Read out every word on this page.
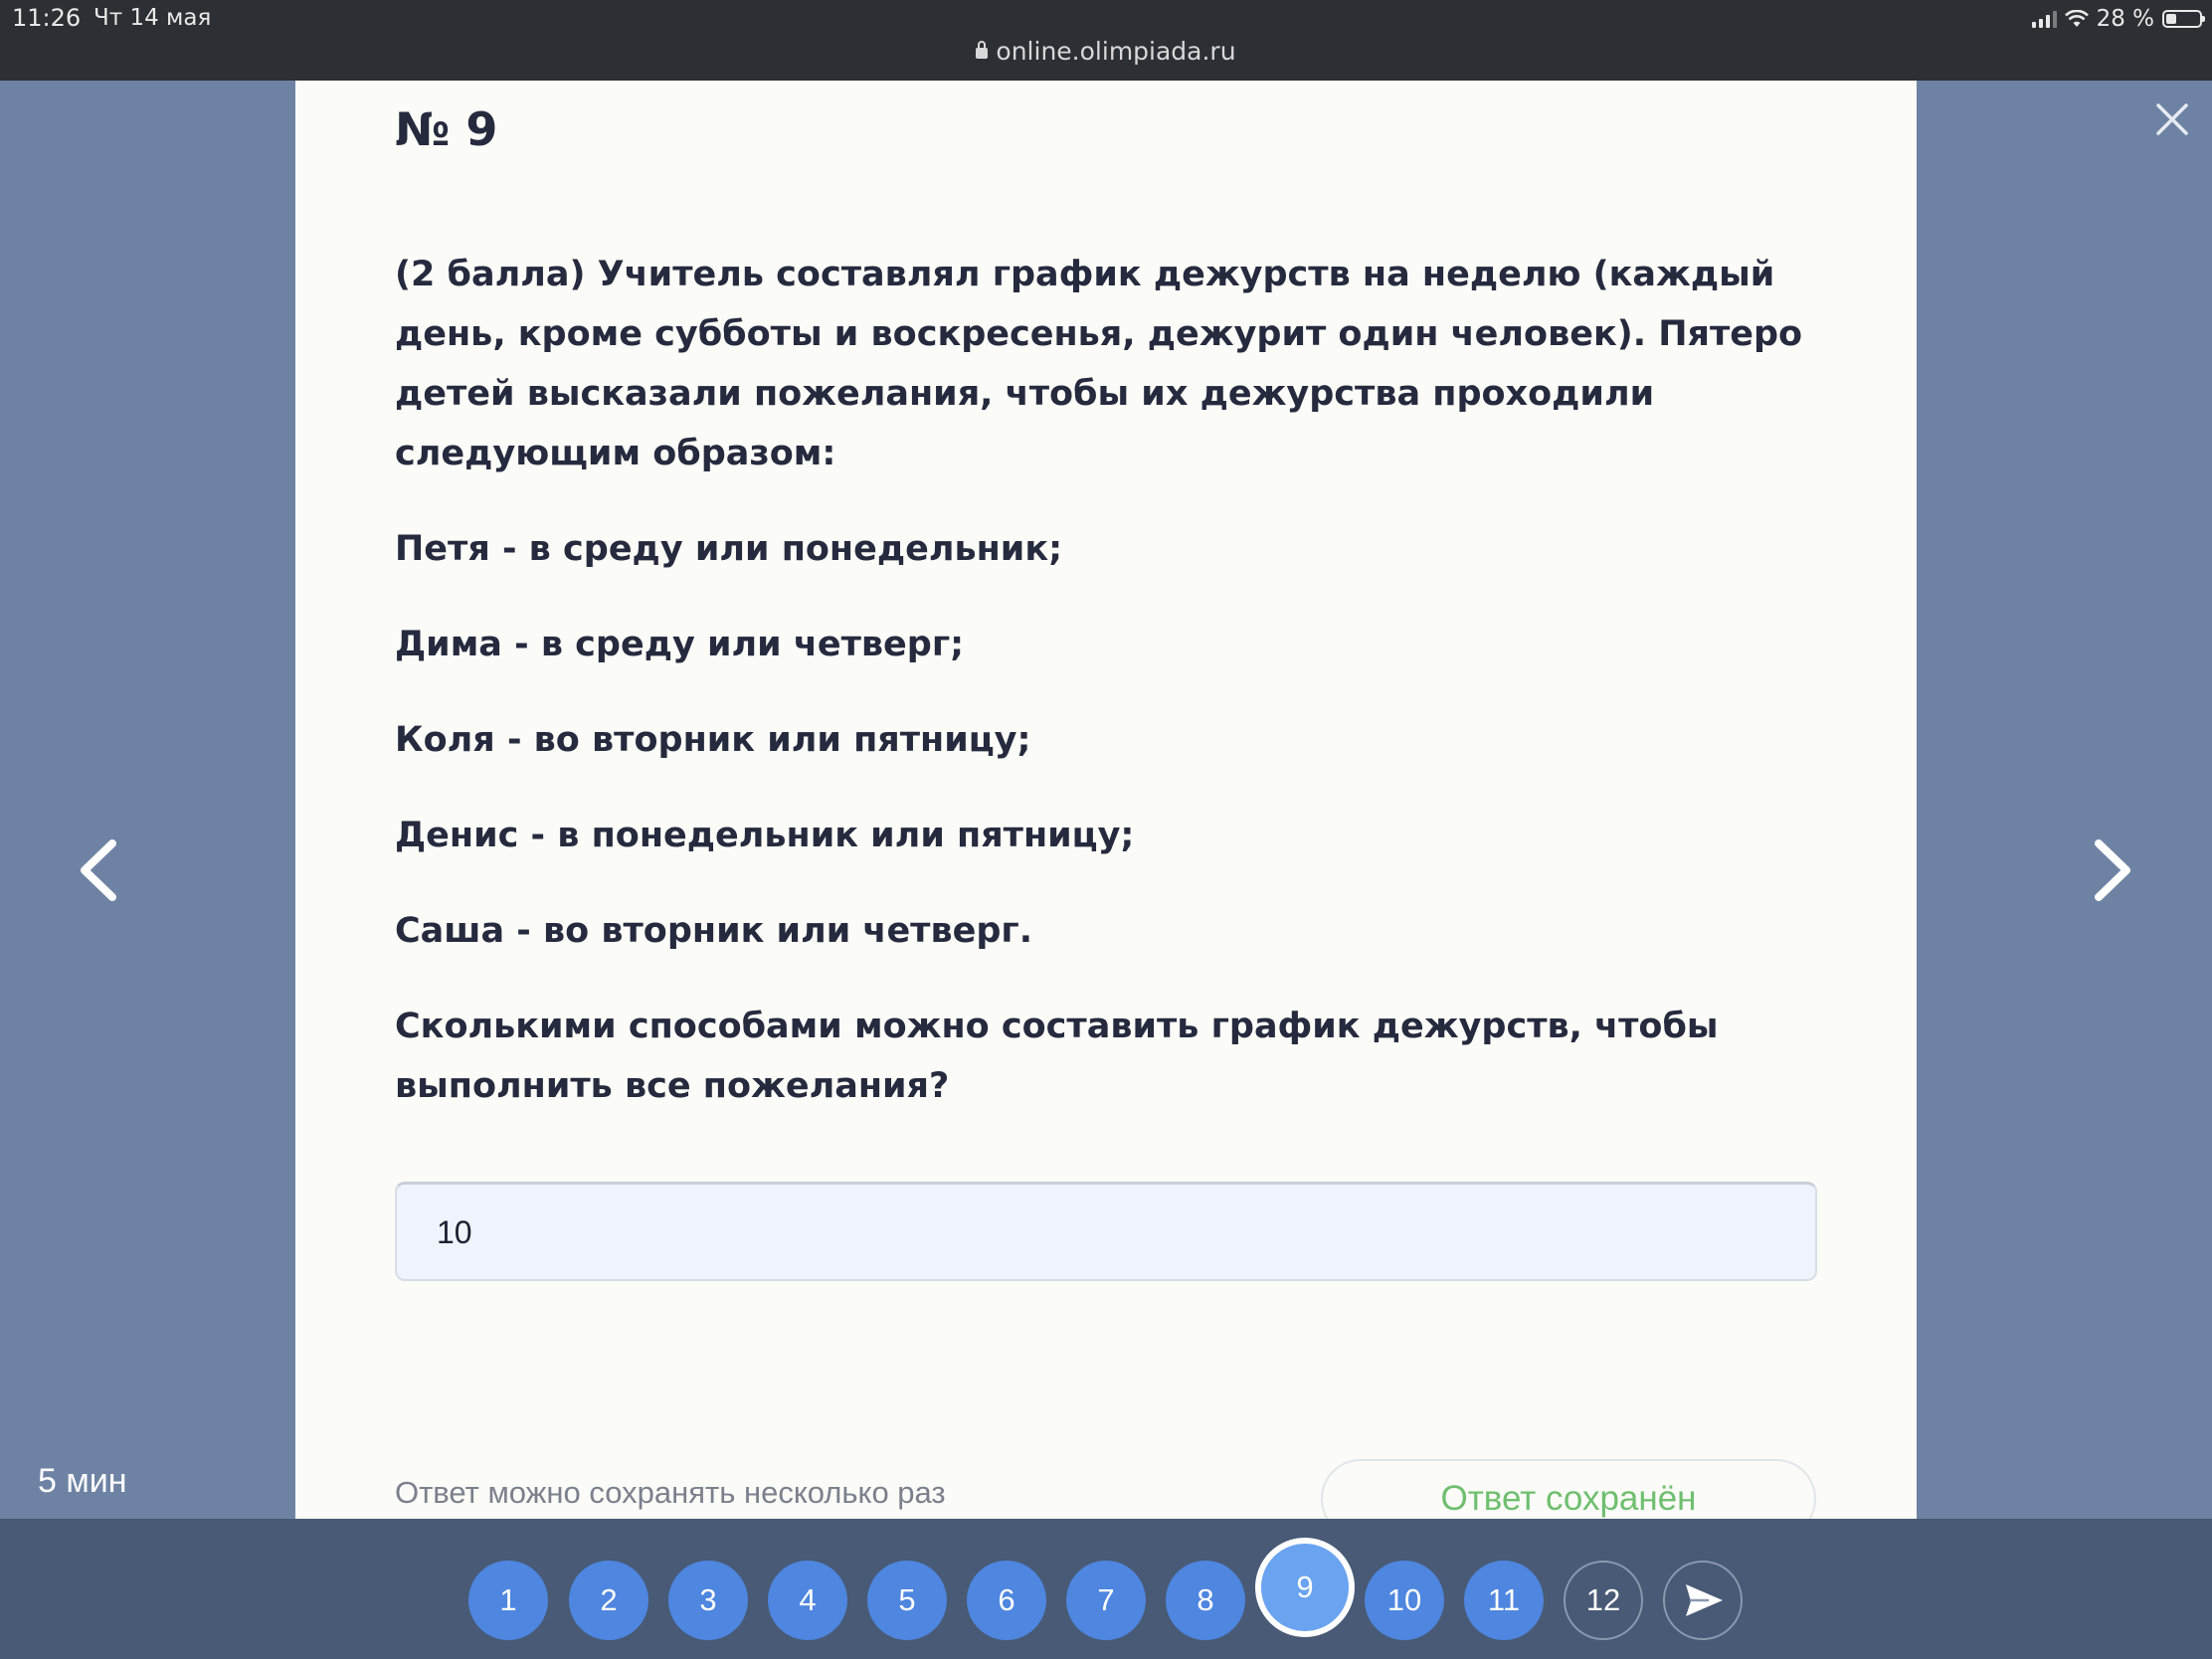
11:26 Чт 14 мая
online.olimpiada.ru
28 %
5 мин
№ 9

(2 балла) Учитель составлял график дежурств на неделю (каждый день, кроме субботы и воскресенья, дежурит один человек). Пятеро детей высказали пожелания, чтобы их дежурства проходили следующим образом:

Петя - в среду или понедельник;

Дима - в среду или четверг;

Коля - во вторник или пятницу;

Денис - в понедельник или пятницу;

Саша - во вторник или четверг.

Сколькими способами можно составить график дежурств, чтобы выполнить все пожелания?

10
Ответ можно сохранять несколько раз	Ответ сохранён
1	2	3	4	5	6	7	8	9	10	11	12
